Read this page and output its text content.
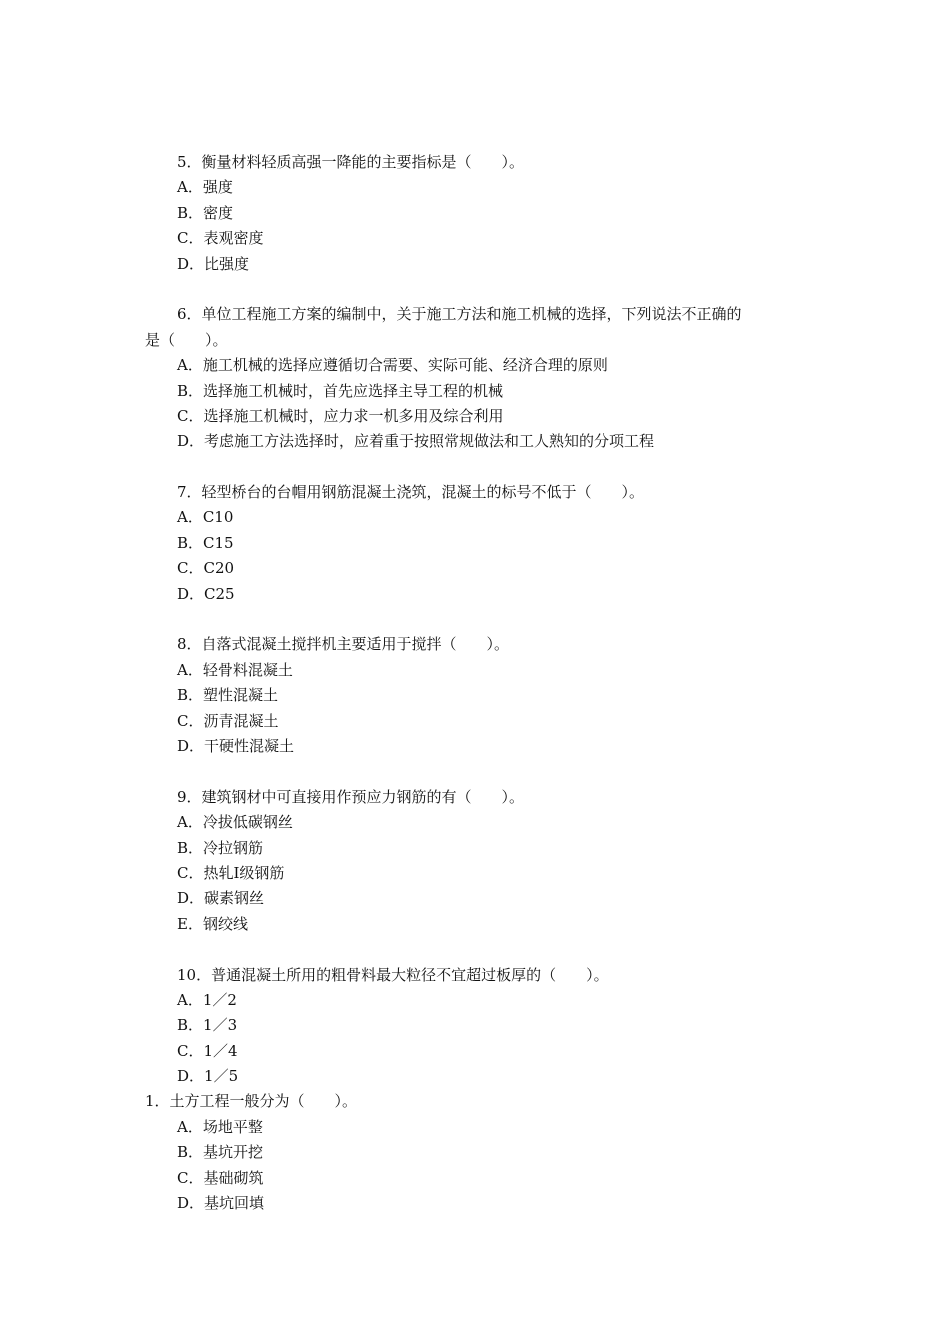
5．衡量材料轻质高强一降能的主要指标是（　　）。
A．强度
B．密度
C．表观密度
D．比强度
6．单位工程施工方案的编制中，关于施工方法和施工机械的选择，下列说法不正确的
是（　　）。
A．施工机械的选择应遵循切合需要、实际可能、经济合理的原则
B．选择施工机械时，首先应选择主导工程的机械
C．选择施工机械时，应力求一机多用及综合利用
D．考虑施工方法选择时，应着重于按照常规做法和工人熟知的分项工程
7．轻型桥台的台帽用钢筋混凝土浇筑，混凝土的标号不低于（　　）。
A．C10
B．C15
C．C20
D．C25
8．自落式混凝土搅拌机主要适用于搅拌（　　）。
A．轻骨料混凝土
B．塑性混凝土
C．沥青混凝土
D．干硬性混凝土
9．建筑钢材中可直接用作预应力钢筋的有（　　）。
A．冷拔低碳钢丝
B．冷拉钢筋
C．热轧Ⅰ级钢筋
D．碳素钢丝
E．钢绞线
10．普通混凝土所用的粗骨料最大粒径不宜超过板厚的（　　）。
A．1／2
B．1／3
C．1／4
D．1／5
1．土方工程一般分为（　　）。
A．场地平整
B．基坑开挖
C．基础砌筑
D．基坑回填
